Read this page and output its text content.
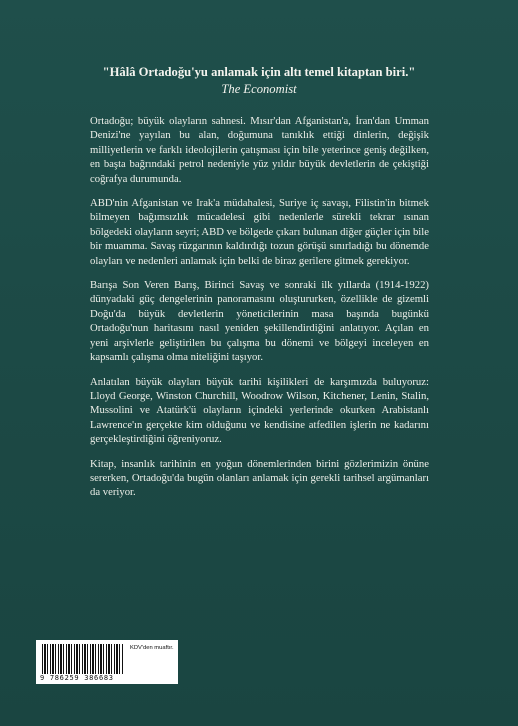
"Hâlâ Ortadoğu'yu anlamak için altı temel kitaptan biri."
The Economist

Ortadoğu; büyük olayların sahnesi. Mısır'dan Afganistan'a, İran'dan Umman Denizi'ne yayılan bu alan, doğumuna tanıklık ettiği dinlerin, değişik milliyetlerin ve farklı ideolojilerin çatışması için bile yeterince geniş değilken, en başta bağrındaki petrol nedeniyle yüz yıldır büyük devletlerin de çekiştiği coğrafya durumunda.

ABD'nin Afganistan ve Irak'a müdahalesi, Suriye iç savaşı, Filistin'in bitmek bilmeyen bağımsızlık mücadelesi gibi nedenlerle sürekli tekrar ısınan bölgedeki olayların seyri; ABD ve bölgede çıkarı bulunan diğer güçler için bile bir muamma. Savaş rüzgarının kaldırdığı tozun görüşü sınırladığı bu dönemde olayları ve nedenleri anlamak için belki de biraz gerilere gitmek gerekiyor.

Barışa Son Veren Barış, Birinci Savaş ve sonraki ilk yıllarda (1914-1922) dünyadaki güç dengelerinin panoramasını oluştururken, özellikle de gizemli Doğu'da büyük devletlerin yöneticilerinin masa başında bugünkü Ortadoğu'nun haritasını nasıl yeniden şekillendirdiğini anlatıyor. Açılan en yeni arşivlerle geliştirilen bu çalışma bu dönemi ve bölgeyi inceleyen en kapsamlı çalışma olma niteliğini taşıyor.

Anlatılan büyük olayları büyük tarihi kişilikleri de karşımızda buluyoruz: Lloyd George, Winston Churchill, Woodrow Wilson, Kitchener, Lenin, Stalin, Mussolini ve Atatürk'ü olayların içindeki yerlerinde okurken Arabistanlı Lawrence'ın gerçekte kim olduğunu ve kendisine atfedilen işlerin ne kadarını gerçekleştirdiğini öğreniyoruz.

Kitap, insanlık tarihinin en yoğun dönemlerinden birini gözlerimizin önüne sererken, Ortadoğu'da bugün olanları anlamak için gerekli tarihsel argümanları da veriyor.

9 786259 386683
KDV'den muaftır.
